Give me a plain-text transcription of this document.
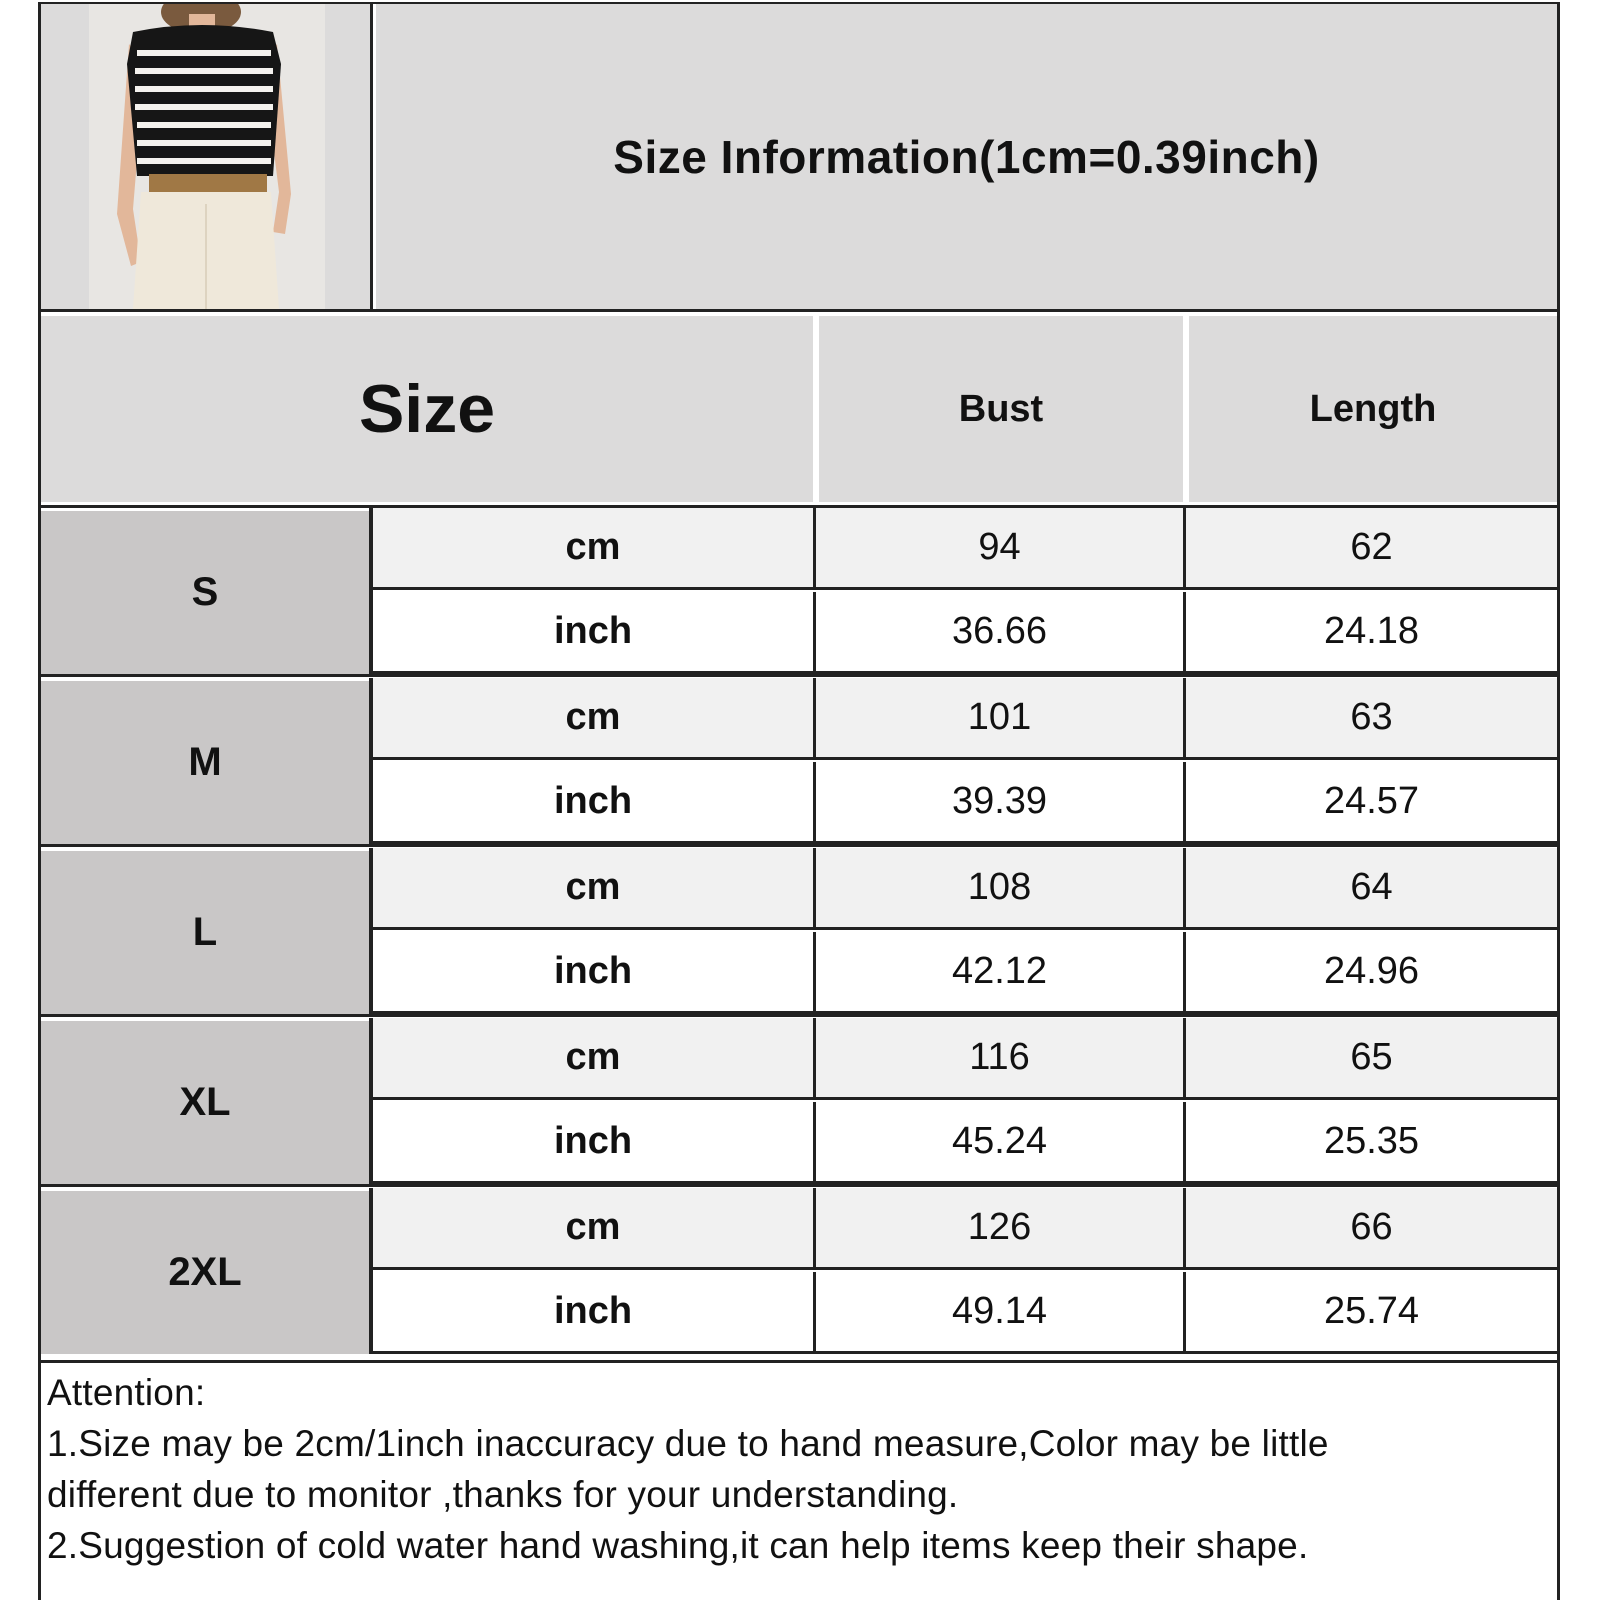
Size Information(1cm=0.39inch)
Size	Bust	Length
S
cm	94	62
inch	36.66	24.18
M
cm	101	63
inch	39.39	24.57
L
cm	108	64
inch	42.12	24.96
XL
cm	116	65
inch	45.24	25.35
2XL
cm	126	66
inch	49.14	25.74

Attention:

1.Size may be 2cm/1inch inaccuracy due to hand measure,Color may be little

different due to monitor ,thanks for your understanding.

2.Suggestion of cold water hand washing,it can help items keep their shape.
